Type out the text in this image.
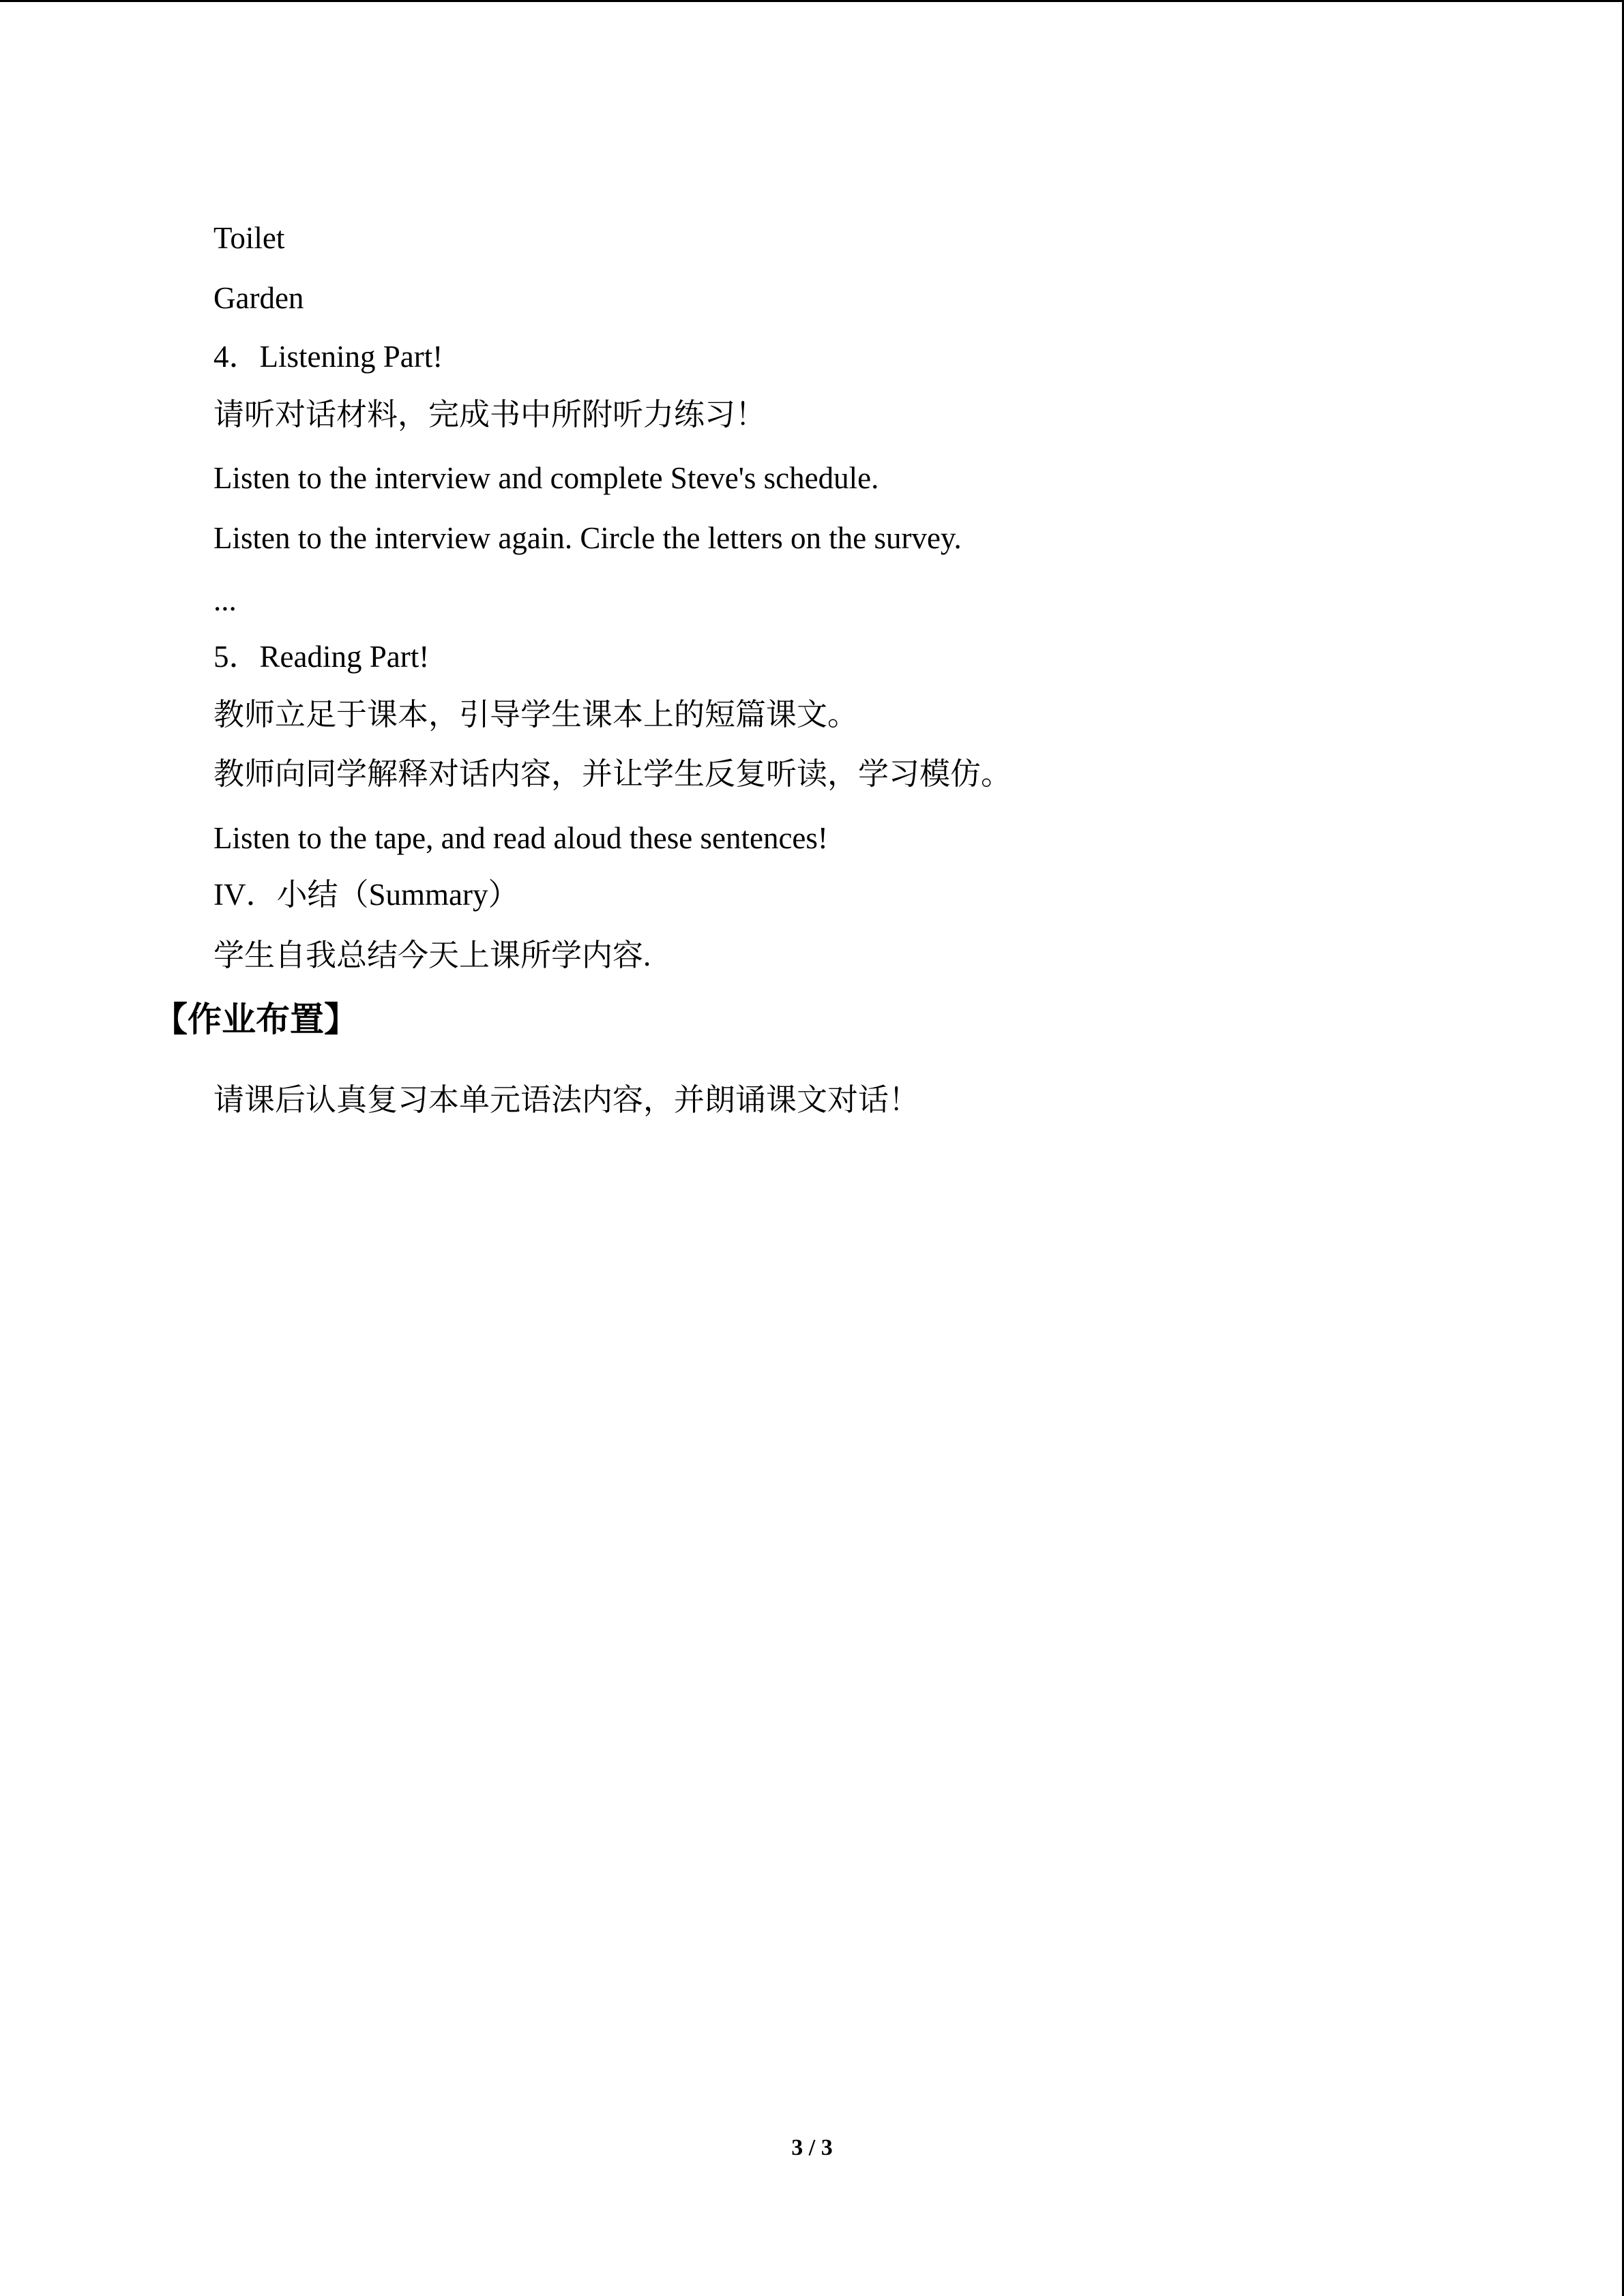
Toilet
Garden
4．Listening Part!
请听对话材料，完成书中所附听力练习！
Listen to the interview and complete Steve's schedule.
Listen to the interview again. Circle the letters on the survey.
...
5．Reading Part!
教师立足于课本，引导学生课本上的短篇课文。
教师向同学解释对话内容，并让学生反复听读，学习模仿。
Listen to the tape, and read aloud these sentences!
IV．小结（Summary）
学生自我总结今天上课所学内容.
【作业布置】
请课后认真复习本单元语法内容，并朗诵课文对话！
3 / 3
